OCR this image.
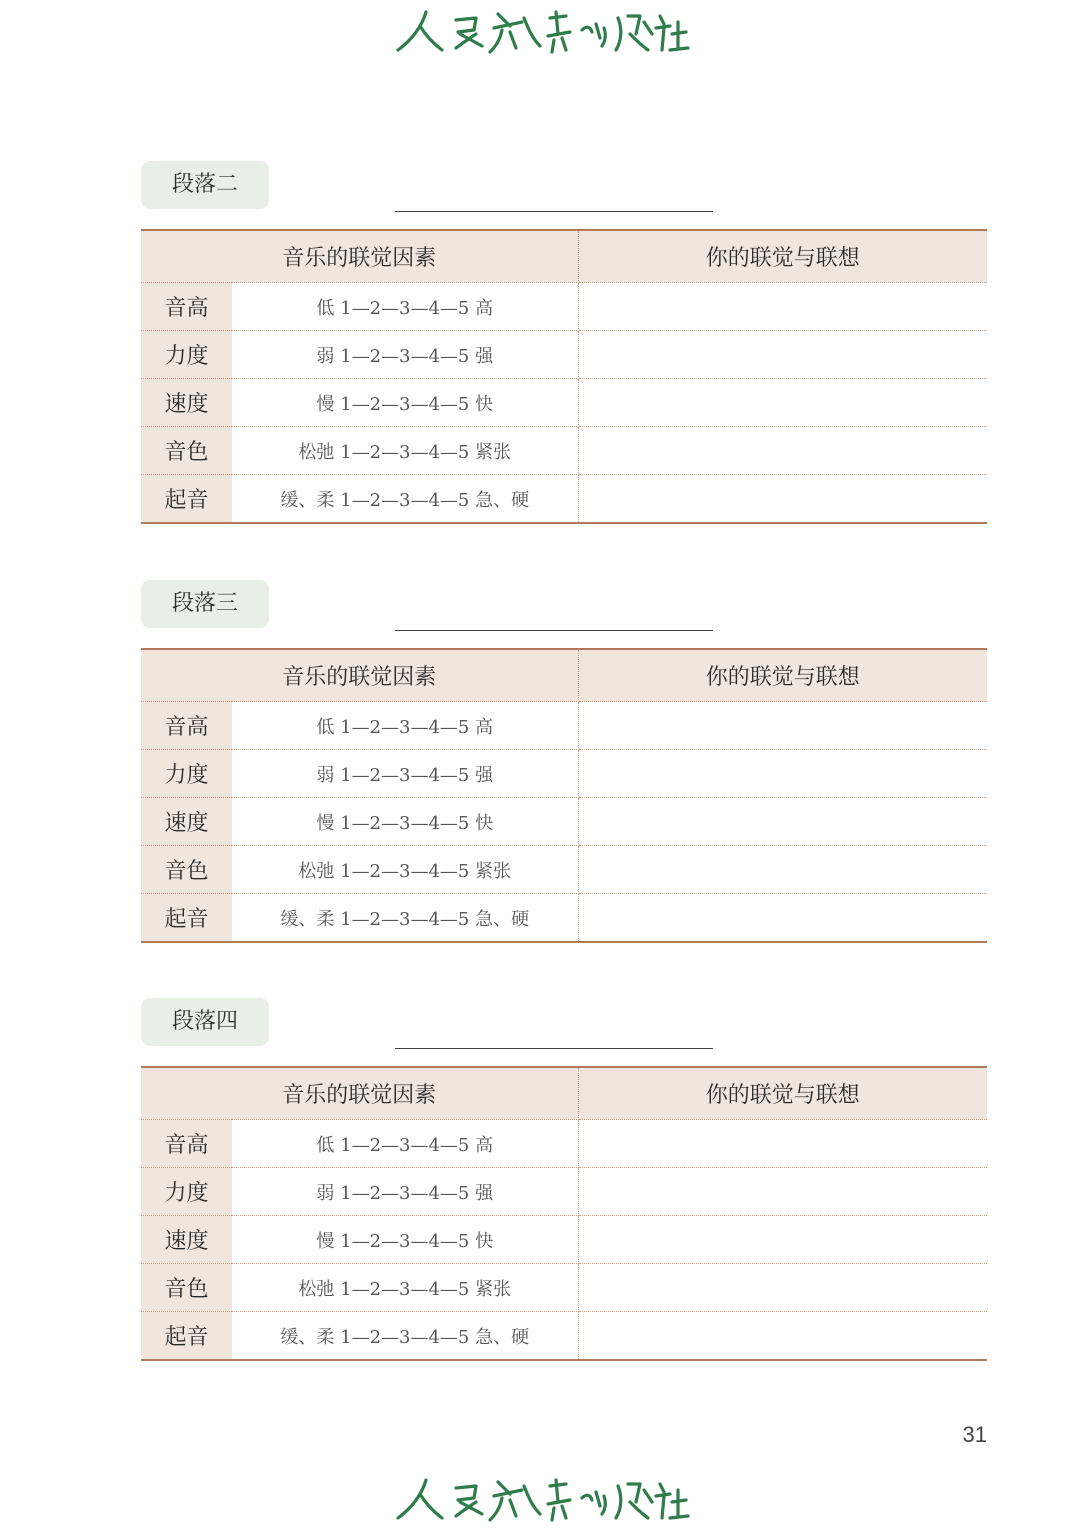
段落二
音乐的联觉因素		你的联觉与联想
音高	低 1—2—3—4—5 高	
力度	弱 1—2—3—4—5 强	
速度	慢 1—2—3—4—5 快	
音色	松弛 1—2—3—4—5 紧张	
起音	缓、柔 1—2—3—4—5 急、硬	
段落三
音乐的联觉因素		你的联觉与联想
音高	低 1—2—3—4—5 高	
力度	弱 1—2—3—4—5 强	
速度	慢 1—2—3—4—5 快	
音色	松弛 1—2—3—4—5 紧张	
起音	缓、柔 1—2—3—4—5 急、硬	
段落四
音乐的联觉因素		你的联觉与联想
音高	低 1—2—3—4—5 高	
力度	弱 1—2—3—4—5 强	
速度	慢 1—2—3—4—5 快	
音色	松弛 1—2—3—4—5 紧张	
起音	缓、柔 1—2—3—4—5 急、硬	
31
